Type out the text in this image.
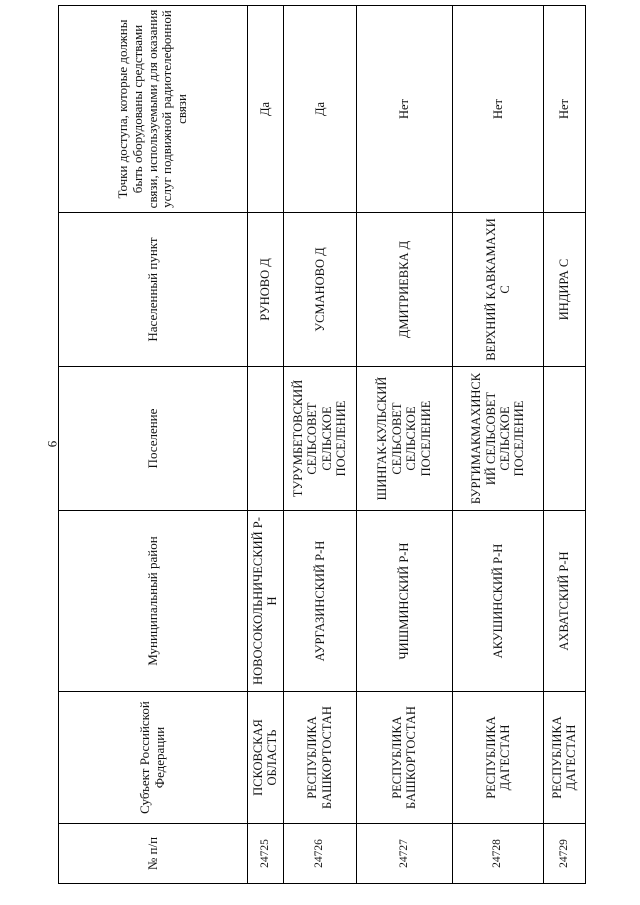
9
№ п/п	Субъект Российской Федерации	Муниципальный район	Поселение	Населенный пункт	Точки доступа, которые должны быть оборудованы средствами связи, используемыми для оказания услуг подвижной радиотелефонной связи
24725	ПСКОВСКАЯ ОБЛАСТЬ	НОВОСОКОЛЬНИЧЕСКИЙ Р-Н		РУНОВО Д	Да
24726	РЕСПУБЛИКА БАШКОРТОСТАН	АУРГАЗИНСКИЙ Р-Н	ТУРУМБЕТОВСКИЙ СЕЛЬСОВЕТ СЕЛЬСКОЕ ПОСЕЛЕНИЕ	УСМАНОВО Д	Да
24727	РЕСПУБЛИКА БАШКОРТОСТАН	ЧИШМИНСКИЙ Р-Н	ШИНГАК-КУЛЬСКИЙ СЕЛЬСОВЕТ СЕЛЬСКОЕ ПОСЕЛЕНИЕ	ДМИТРИЕВКА Д	Нет
24728	РЕСПУБЛИКА ДАГЕСТАН	АКУШИНСКИЙ Р-Н	БУРГИМАКМАХИНСКИЙ СЕЛЬСОВЕТ СЕЛЬСКОЕ ПОСЕЛЕНИЕ	ВЕРХНИЙ КАВКАМАХИ С	Нет
24729	РЕСПУБЛИКА ДАГЕСТАН	АХВАТСКИЙ Р-Н		ИНДИРА С	Нет
